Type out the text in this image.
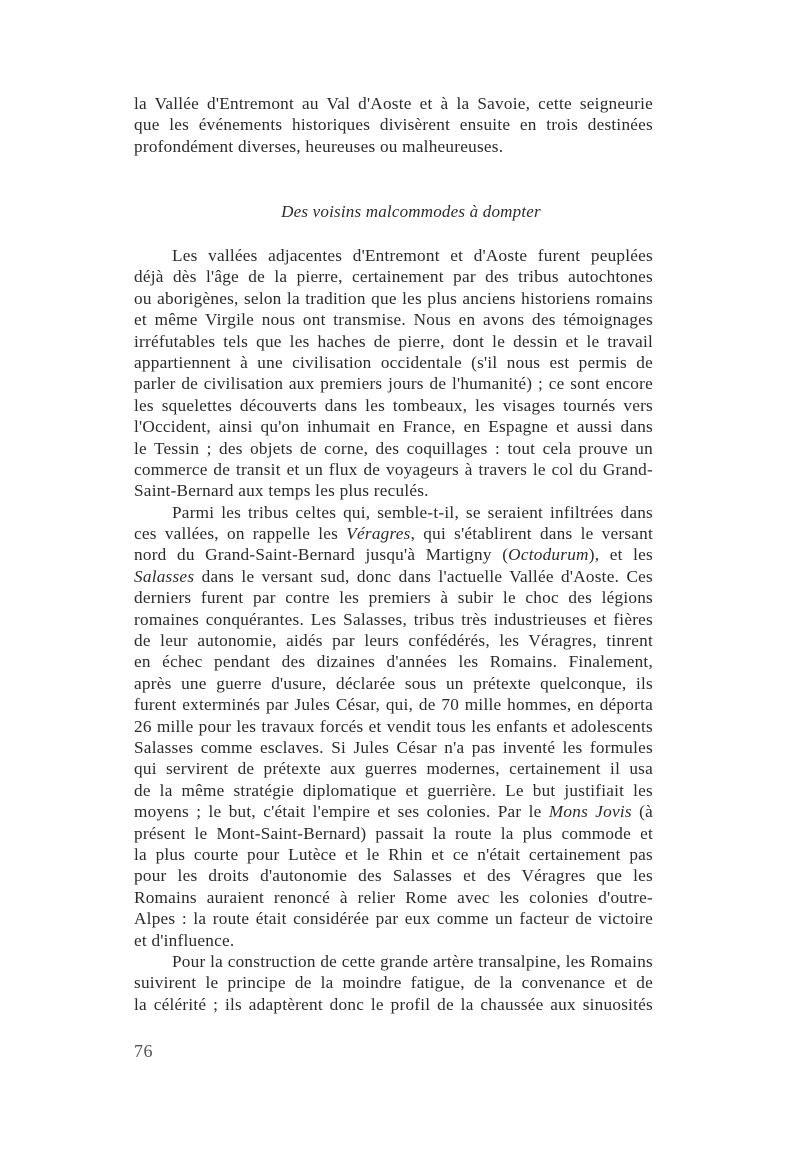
la Vallée d'Entremont au Val d'Aoste et à la Savoie, cette seigneurie
que les événements historiques divisèrent ensuite en trois destinées
profondément diverses, heureuses ou malheureuses.
Des voisins malcommodes à dompter
Les vallées adjacentes d'Entremont et d'Aoste furent peuplées
déjà dès l'âge de la pierre, certainement par des tribus autochtones
ou aborigènes, selon la tradition que les plus anciens historiens romains
et même Virgile nous ont transmise. Nous en avons des témoignages
irréfutables tels que les haches de pierre, dont le dessin et le travail
appartiennent à une civilisation occidentale (s'il nous est permis de
parler de civilisation aux premiers jours de l'humanité) ; ce sont encore
les squelettes découverts dans les tombeaux, les visages tournés vers
l'Occident, ainsi qu'on inhumait en France, en Espagne et aussi dans
le Tessin ; des objets de corne, des coquillages : tout cela prouve un
commerce de transit et un flux de voyageurs à travers le col du Grand-
Saint-Bernard aux temps les plus reculés.
Parmi les tribus celtes qui, semble-t-il, se seraient infiltrées dans
ces vallées, on rappelle les Véragres, qui s'établirent dans le versant
nord du Grand-Saint-Bernard jusqu'à Martigny (Octodurum), et les
Salasses dans le versant sud, donc dans l'actuelle Vallée d'Aoste. Ces
derniers furent par contre les premiers à subir le choc des légions
romaines conquérantes. Les Salasses, tribus très industrieuses et fières
de leur autonomie, aidés par leurs confédérés, les Véragres, tinrent
en échec pendant des dizaines d'années les Romains. Finalement,
après une guerre d'usure, déclarée sous un prétexte quelconque, ils
furent exterminés par Jules César, qui, de 70 mille hommes, en déporta
26 mille pour les travaux forcés et vendit tous les enfants et adolescents
Salasses comme esclaves. Si Jules César n'a pas inventé les formules
qui servirent de prétexte aux guerres modernes, certainement il usa
de la même stratégie diplomatique et guerrière. Le but justifiait les
moyens ; le but, c'était l'empire et ses colonies. Par le Mons Jovis (à
présent le Mont-Saint-Bernard) passait la route la plus commode et
la plus courte pour Lutèce et le Rhin et ce n'était certainement pas
pour les droits d'autonomie des Salasses et des Véragres que les
Romains auraient renoncé à relier Rome avec les colonies d'outre-
Alpes : la route était considérée par eux comme un facteur de victoire
et d'influence.
Pour la construction de cette grande artère transalpine, les Romains
suivirent le principe de la moindre fatigue, de la convenance et de
la célérité ; ils adaptèrent donc le profil de la chaussée aux sinuosités
76
